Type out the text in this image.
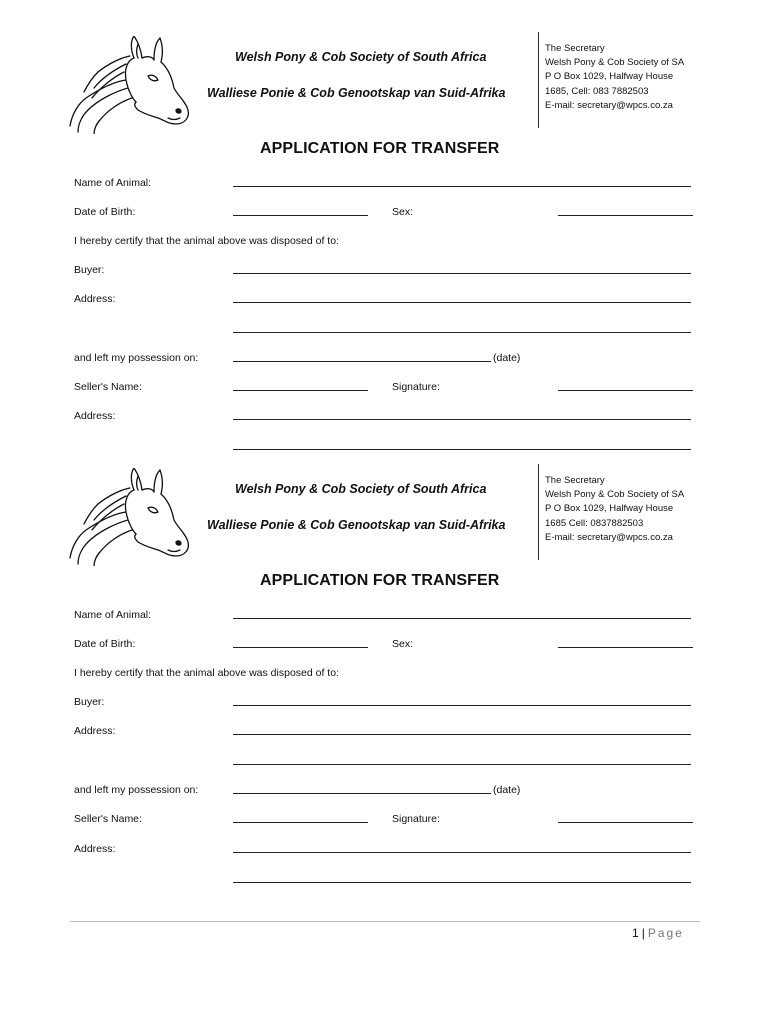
Welsh Pony & Cob Society of South Africa
Walliese Ponie & Cob Genootskap van Suid-Afrika
The Secretary
Welsh Pony & Cob Society of SA
P O Box 1029, Halfway House
1685, Cell: 083 7882503
E-mail: secretary@wpcs.co.za
APPLICATION FOR TRANSFER
Name of Animal:
Date of Birth:	Sex:
I hereby certify that the animal above was disposed of to:
Buyer:
Address:
and left my possession on:	(date)
Seller's Name:	Signature:
Address:
Welsh Pony & Cob Society of South Africa
Walliese Ponie & Cob Genootskap van Suid-Afrika
The Secretary
Welsh Pony & Cob Society of SA
P O Box 1029, Halfway House
1685 Cell: 0837882503
E-mail: secretary@wpcs.co.za
APPLICATION FOR TRANSFER
Name of Animal:
Date of Birth:	Sex:
I hereby certify that the animal above was disposed of to:
Buyer:
Address:
and left my possession on:	(date)
Seller's Name:	Signature:
Address:
1 | Page
